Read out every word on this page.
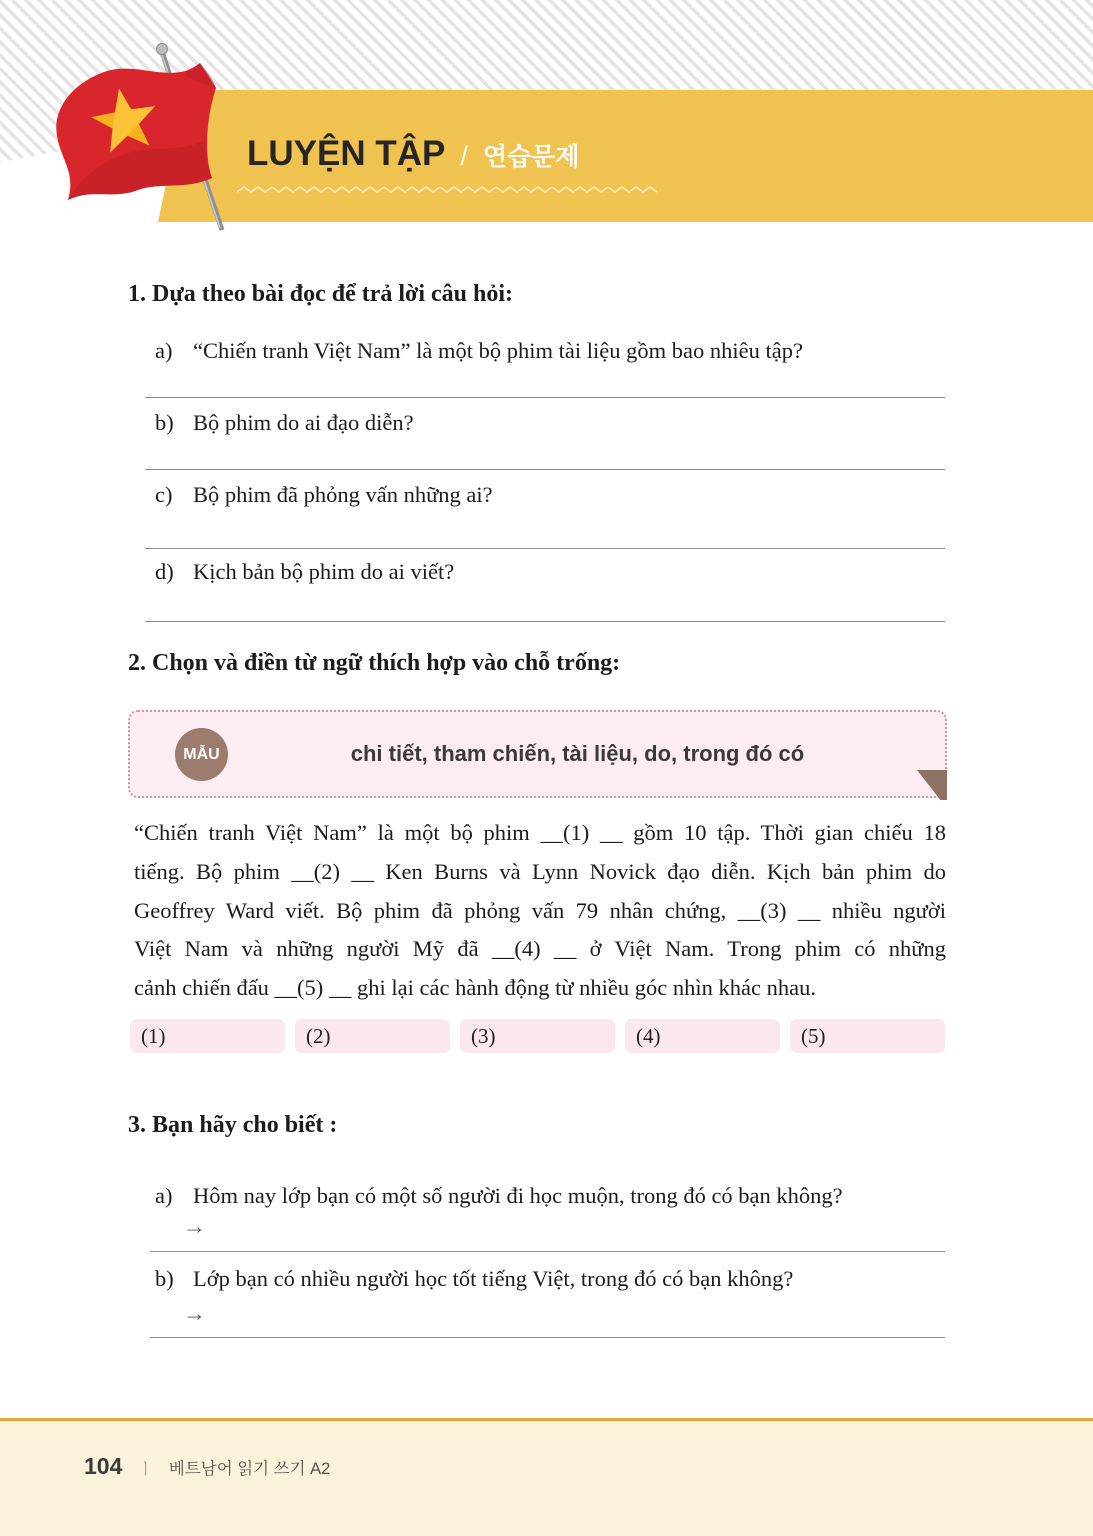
LUYỆN TẬP / 연습문제
1. Dựa theo bài đọc để trả lời câu hỏi:
a) “Chiến tranh Việt Nam” là một bộ phim tài liệu gồm bao nhiêu tập?
b) Bộ phim do ai đạo diễn?
c) Bộ phim đã phỏng vấn những ai?
d) Kịch bản bộ phim do ai viết?
2. Chọn và điền từ ngữ thích hợp vào chỗ trống:
MẪU	chi tiết, tham chiến, tài liệu, do, trong đó có
“Chiến tranh Việt Nam” là một bộ phim __(1) __ gồm 10 tập. Thời gian chiếu 18
tiếng. Bộ phim __(2) __ Ken Burns và Lynn Novick đạo diễn. Kịch bản phim do
Geoffrey Ward viết. Bộ phim đã phỏng vấn 79 nhân chứng, __(3) __ nhiều người
Việt Nam và những người Mỹ đã __(4) __ ở Việt Nam. Trong phim có những
cảnh chiến đấu __(5) __ ghi lại các hành động từ nhiều góc nhìn khác nhau.
(1)	(2)	(3)	(4)	(5)
3. Bạn hãy cho biết :
a) Hôm nay lớp bạn có một số người đi học muộn, trong đó có bạn không?
→
b) Lớp bạn có nhiều người học tốt tiếng Việt, trong đó có bạn không?
→
104 ㅣ 베트남어 읽기 쓰기 A2
